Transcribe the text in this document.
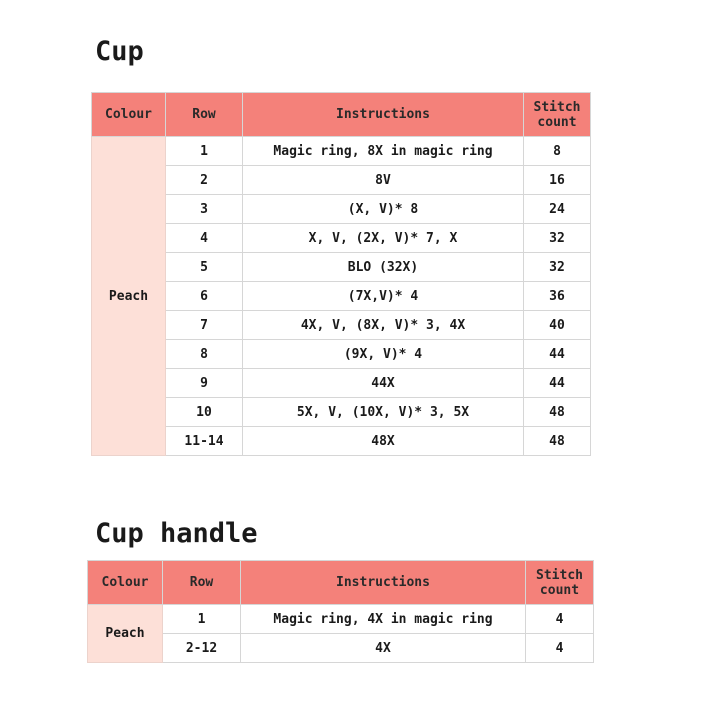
Cup
Colour	Row	Instructions	Stitch
count
Peach	1	Magic ring, 8X in magic ring	8
	2	8V	16
	3	(X, V)* 8	24
	4	X, V, (2X, V)* 7, X	32
	5	BLO (32X)	32
	6	(7X,V)* 4	36
	7	4X, V, (8X, V)* 3, 4X	40
	8	(9X, V)* 4	44
	9	44X	44
	10	5X, V, (10X, V)* 3, 5X	48
	11-14	48X	48
Cup handle
Colour	Row	Instructions	Stitch
count
Peach	1	Magic ring, 4X in magic ring	4
	2-12	4X	4
